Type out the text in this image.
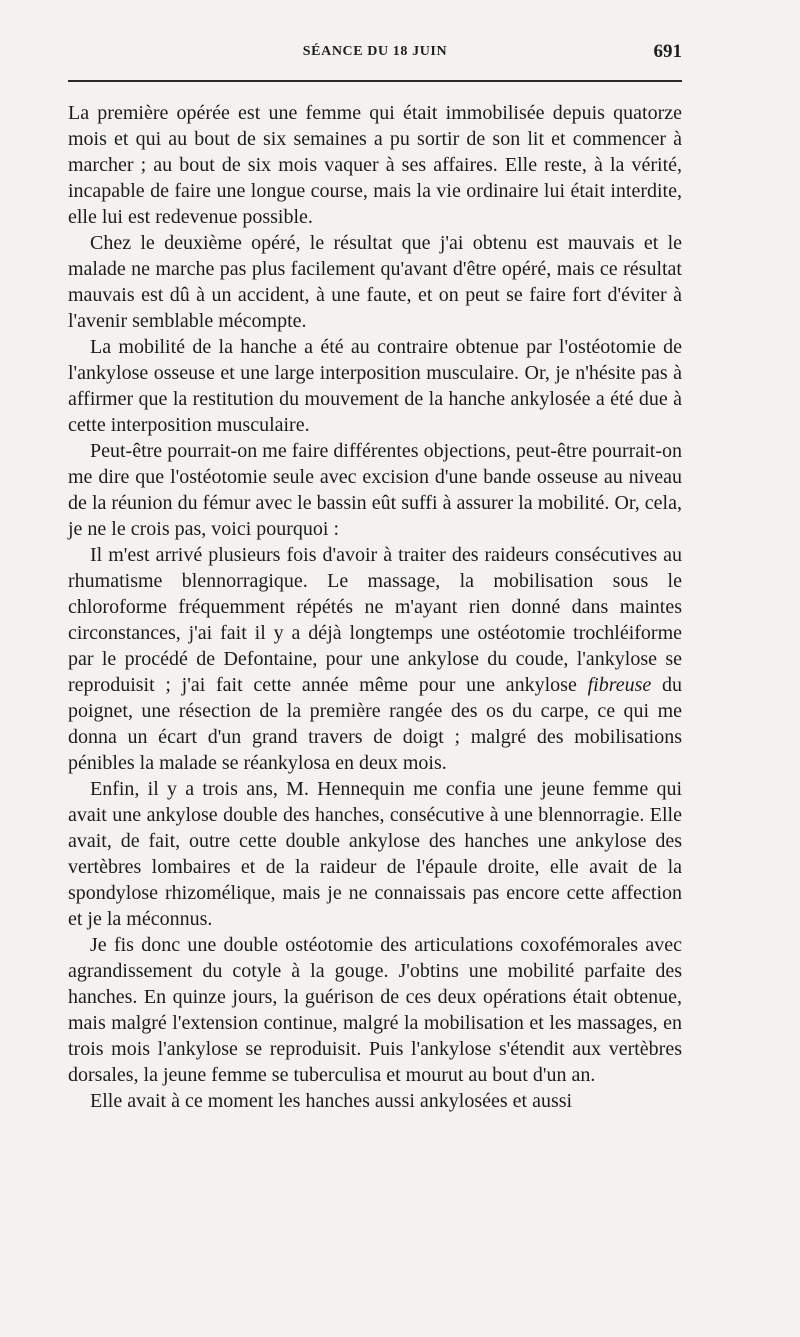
SÉANCE DU 18 JUIN	691

La première opérée est une femme qui était immobilisée depuis quatorze mois et qui au bout de six semaines a pu sortir de son lit et commencer à marcher ; au bout de six mois vaquer à ses affaires. Elle reste, à la vérité, incapable de faire une longue course, mais la vie ordinaire lui était interdite, elle lui est redevenue possible.

Chez le deuxième opéré, le résultat que j'ai obtenu est mauvais et le malade ne marche pas plus facilement qu'avant d'être opéré, mais ce résultat mauvais est dû à un accident, à une faute, et on peut se faire fort d'éviter à l'avenir semblable mécompte.

La mobilité de la hanche a été au contraire obtenue par l'ostéotomie de l'ankylose osseuse et une large interposition musculaire. Or, je n'hésite pas à affirmer que la restitution du mouvement de la hanche ankylosée a été due à cette interposition musculaire.

Peut-être pourrait-on me faire différentes objections, peut-être pourrait-on me dire que l'ostéotomie seule avec excision d'une bande osseuse au niveau de la réunion du fémur avec le bassin eût suffi à assurer la mobilité. Or, cela, je ne le crois pas, voici pourquoi :

Il m'est arrivé plusieurs fois d'avoir à traiter des raideurs consécutives au rhumatisme blennorragique. Le massage, la mobilisation sous le chloroforme fréquemment répétés ne m'ayant rien donné dans maintes circonstances, j'ai fait il y a déjà longtemps une ostéotomie trochléiforme par le procédé de Defontaine, pour une ankylose du coude, l'ankylose se reproduisit ; j'ai fait cette année même pour une ankylose fibreuse du poignet, une résection de la première rangée des os du carpe, ce qui me donna un écart d'un grand travers de doigt ; malgré des mobilisations pénibles la malade se réankylosa en deux mois.

Enfin, il y a trois ans, M. Hennequin me confia une jeune femme qui avait une ankylose double des hanches, consécutive à une blennorragie. Elle avait, de fait, outre cette double ankylose des hanches une ankylose des vertèbres lombaires et de la raideur de l'épaule droite, elle avait de la spondylose rhizomélique, mais je ne connaissais pas encore cette affection et je la méconnus.

Je fis donc une double ostéotomie des articulations coxofémorales avec agrandissement du cotyle à la gouge. J'obtins une mobilité parfaite des hanches. En quinze jours, la guérison de ces deux opérations était obtenue, mais malgré l'extension continue, malgré la mobilisation et les massages, en trois mois l'ankylose se reproduisit. Puis l'ankylose s'étendit aux vertèbres dorsales, la jeune femme se tuberculisa et mourut au bout d'un an.

Elle avait à ce moment les hanches aussi ankylosées et aussi
